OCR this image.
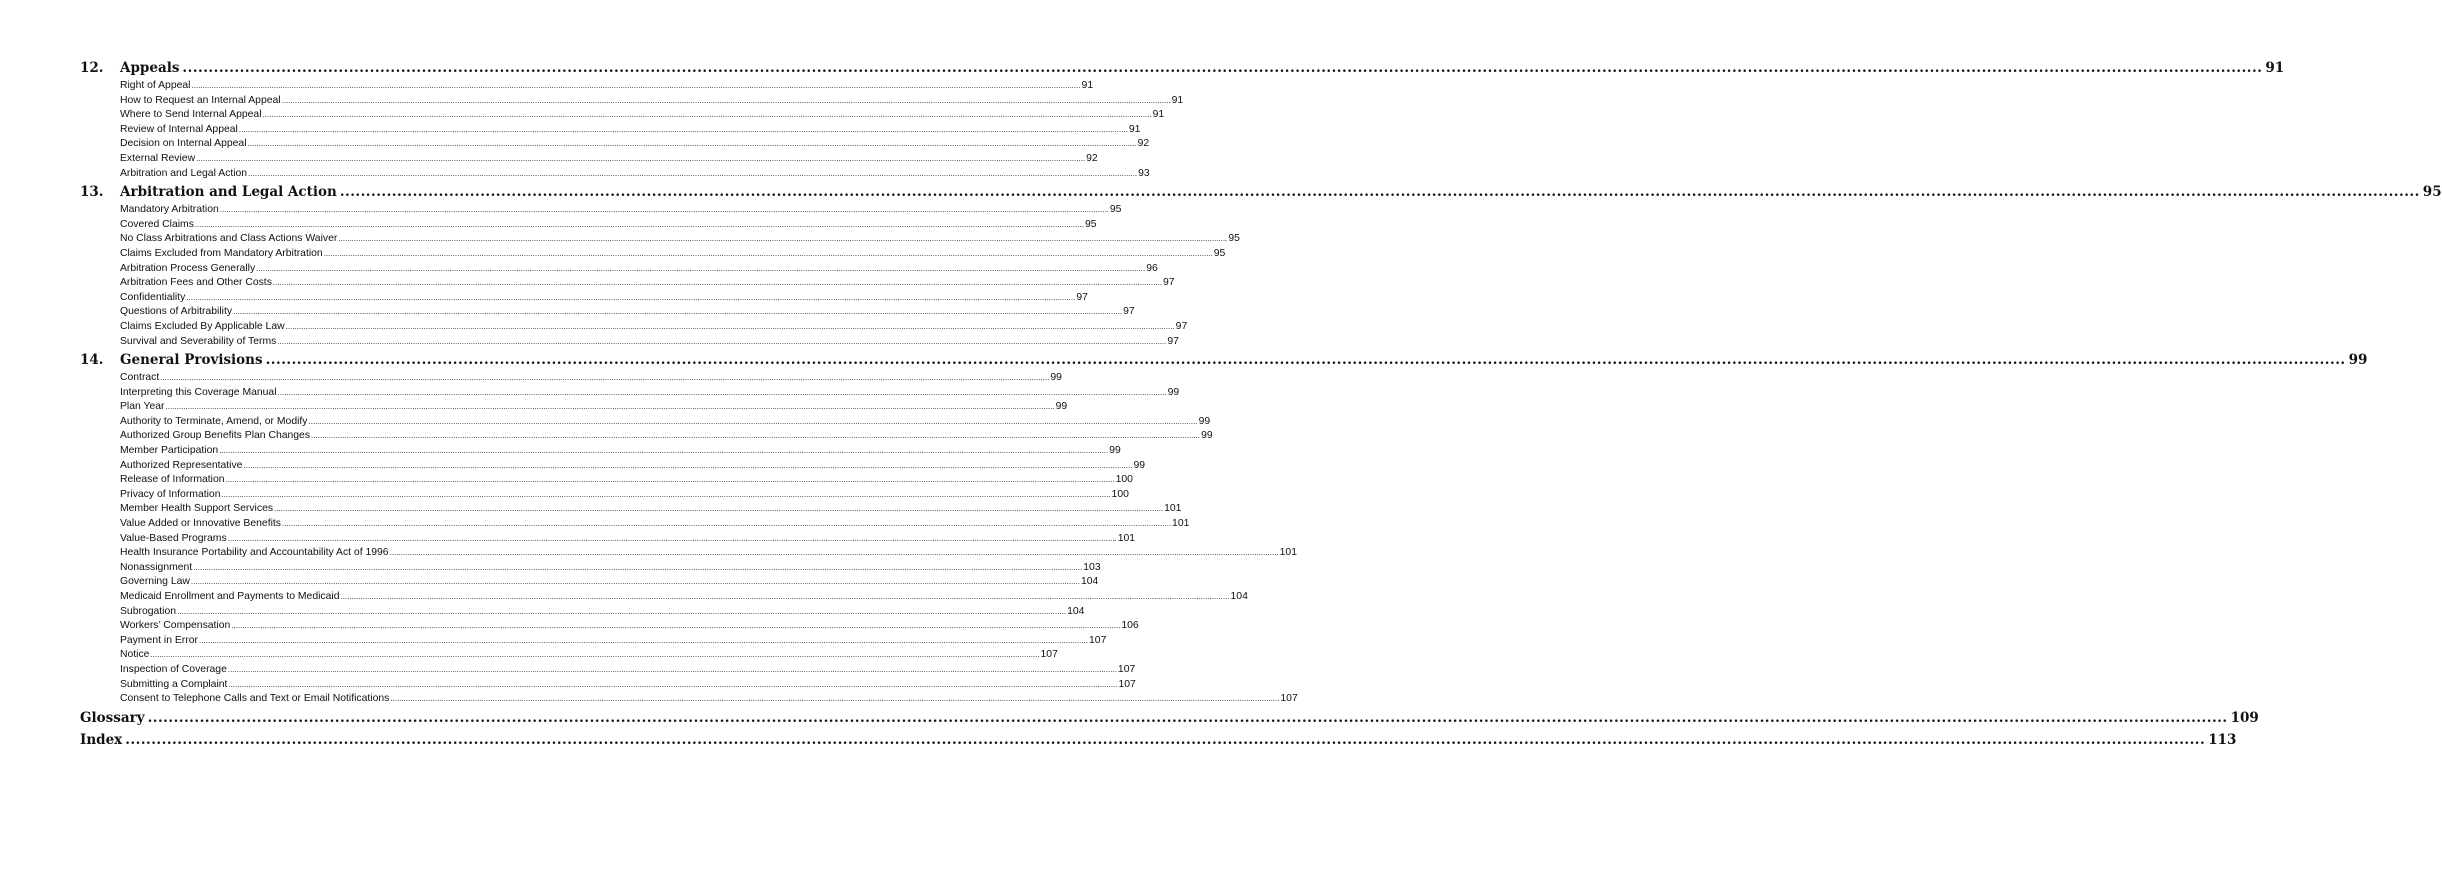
12.	Appeals ................................................................................................................................................................................................................................................................................................................................................................................................................ 91
Right of Appeal ................................................................................................................................................................................................................................................................................................................................................................................................................ 91
How to Request an Internal Appeal ................................................................................................................................................................................................................................................................................................................................................................................................................ 91
Where to Send Internal Appeal ................................................................................................................................................................................................................................................................................................................................................................................................................ 91
Review of Internal Appeal ................................................................................................................................................................................................................................................................................................................................................................................................................ 91
Decision on Internal Appeal ................................................................................................................................................................................................................................................................................................................................................................................................................ 92
External Review ................................................................................................................................................................................................................................................................................................................................................................................................................ 92
Arbitration and Legal Action ................................................................................................................................................................................................................................................................................................................................................................................................................ 93
13.	Arbitration and Legal Action ................................................................................................................................................................................................................................................................................................................................................................................................................ 95
Mandatory Arbitration ................................................................................................................................................................................................................................................................................................................................................................................................................ 95
Covered Claims ................................................................................................................................................................................................................................................................................................................................................................................................................ 95
No Class Arbitrations and Class Actions Waiver ................................................................................................................................................................................................................................................................................................................................................................................................................ 95
Claims Excluded from Mandatory Arbitration ................................................................................................................................................................................................................................................................................................................................................................................................................ 95
Arbitration Process Generally ................................................................................................................................................................................................................................................................................................................................................................................................................ 96
Arbitration Fees and Other Costs ................................................................................................................................................................................................................................................................................................................................................................................................................ 97
Confidentiality ................................................................................................................................................................................................................................................................................................................................................................................................................ 97
Questions of Arbitrability ................................................................................................................................................................................................................................................................................................................................................................................................................ 97
Claims Excluded By Applicable Law ................................................................................................................................................................................................................................................................................................................................................................................................................ 97
Survival and Severability of Terms ................................................................................................................................................................................................................................................................................................................................................................................................................ 97
14.	General Provisions ................................................................................................................................................................................................................................................................................................................................................................................................................ 99
Contract ................................................................................................................................................................................................................................................................................................................................................................................................................ 99
Interpreting this Coverage Manual ................................................................................................................................................................................................................................................................................................................................................................................................................ 99
Plan Year ................................................................................................................................................................................................................................................................................................................................................................................................................ 99
Authority to Terminate, Amend, or Modify ................................................................................................................................................................................................................................................................................................................................................................................................................ 99
Authorized Group Benefits Plan Changes ................................................................................................................................................................................................................................................................................................................................................................................................................ 99
Member Participation ................................................................................................................................................................................................................................................................................................................................................................................................................ 99
Authorized Representative ................................................................................................................................................................................................................................................................................................................................................................................................................ 99
Release of Information ................................................................................................................................................................................................................................................................................................................................................................................................................ 100
Privacy of Information ................................................................................................................................................................................................................................................................................................................................................................................................................ 100
Member Health Support Services ................................................................................................................................................................................................................................................................................................................................................................................................................ 101
Value Added or Innovative Benefits ................................................................................................................................................................................................................................................................................................................................................................................................................ 101
Value-Based Programs ................................................................................................................................................................................................................................................................................................................................................................................................................ 101
Health Insurance Portability and Accountability Act of 1996 ................................................................................................................................................................................................................................................................................................................................................................................................................ 101
Nonassignment ................................................................................................................................................................................................................................................................................................................................................................................................................ 103
Governing Law ................................................................................................................................................................................................................................................................................................................................................................................................................ 104
Medicaid Enrollment and Payments to Medicaid ................................................................................................................................................................................................................................................................................................................................................................................................................ 104
Subrogation ................................................................................................................................................................................................................................................................................................................................................................................................................ 104
Workers’ Compensation ................................................................................................................................................................................................................................................................................................................................................................................................................ 106
Payment in Error ................................................................................................................................................................................................................................................................................................................................................................................................................ 107
Notice ................................................................................................................................................................................................................................................................................................................................................................................................................ 107
Inspection of Coverage ................................................................................................................................................................................................................................................................................................................................................................................................................ 107
Submitting a Complaint ................................................................................................................................................................................................................................................................................................................................................................................................................ 107
Consent to Telephone Calls and Text or Email Notifications ................................................................................................................................................................................................................................................................................................................................................................................................................ 107
Glossary ................................................................................................................................................................................................................................................................................................................................................................................................................ 109
Index ................................................................................................................................................................................................................................................................................................................................................................................................................ 113
